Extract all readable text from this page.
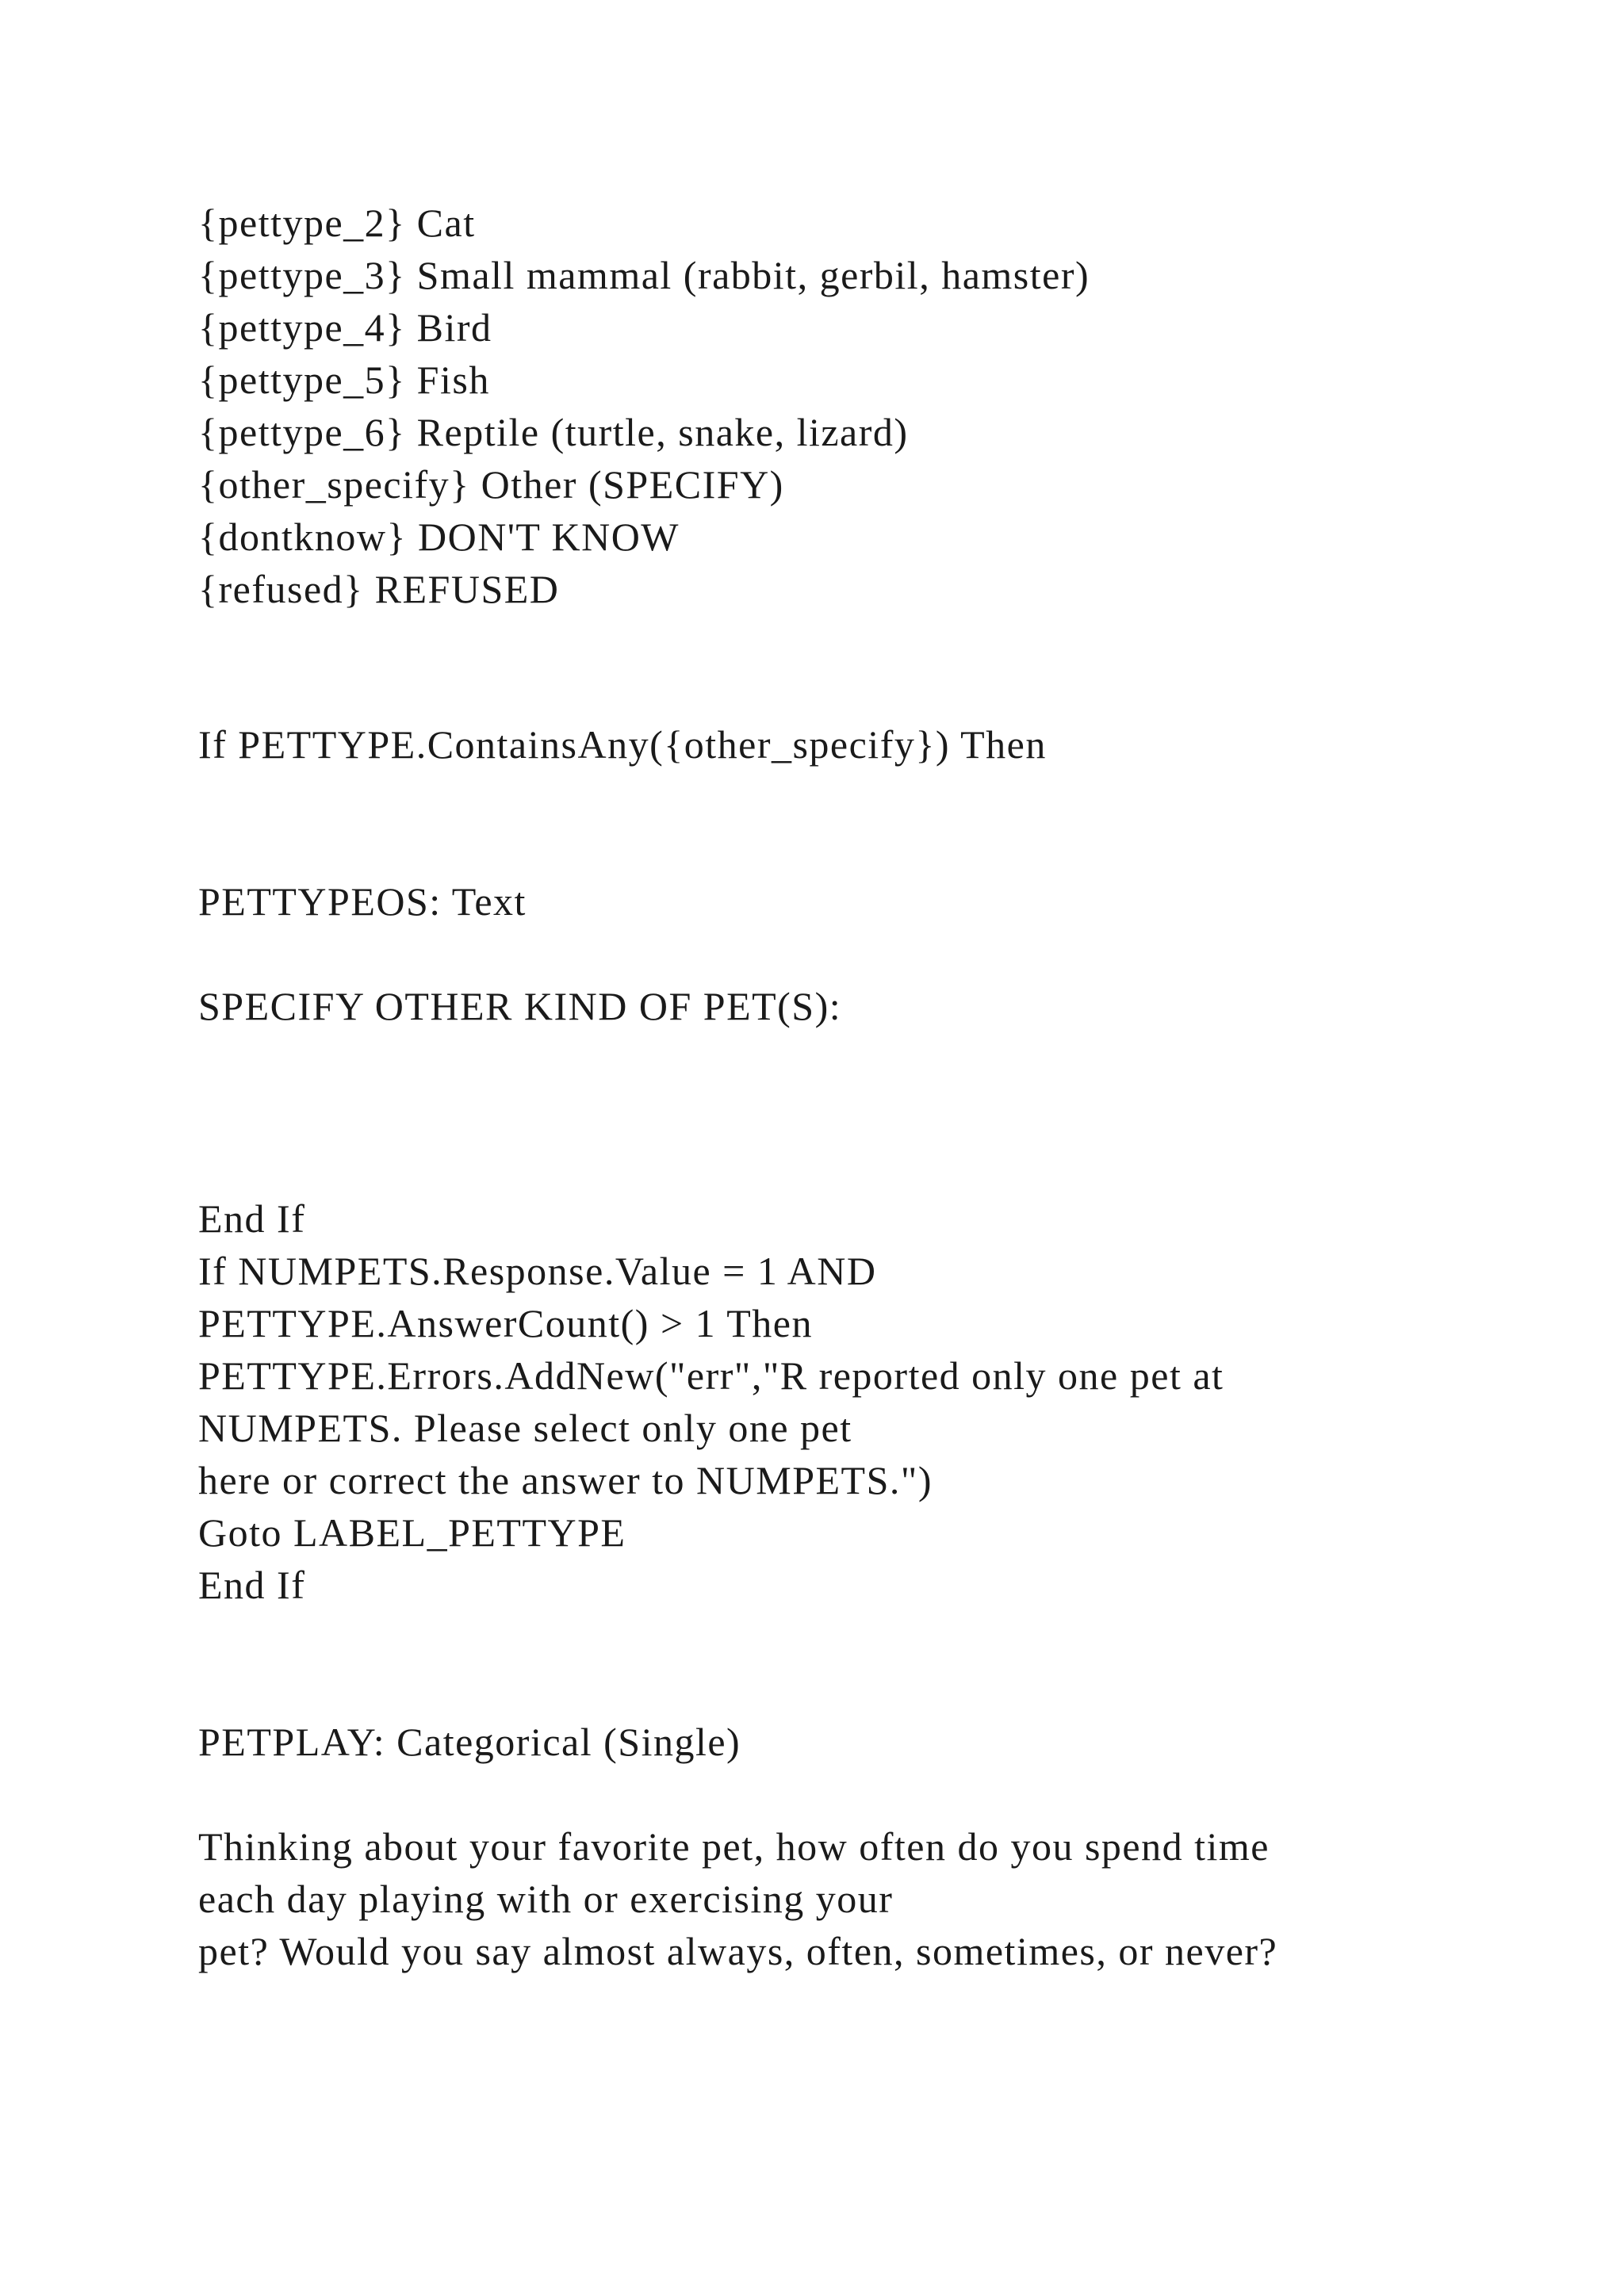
{pettype_2} Cat
{pettype_3} Small mammal (rabbit, gerbil, hamster)
{pettype_4} Bird
{pettype_5} Fish
{pettype_6} Reptile (turtle, snake, lizard)
{other_specify} Other (SPECIFY)
{dontknow} DON'T KNOW
{refused} REFUSED
If PETTYPE.ContainsAny({other_specify}) Then
PETTYPEOS: Text
SPECIFY OTHER KIND OF PET(S):
End If
If NUMPETS.Response.Value = 1 AND
PETTYPE.AnswerCount() > 1 Then
PETTYPE.Errors.AddNew("err","R reported only one pet at
NUMPETS. Please select only one pet
here or correct the answer to NUMPETS.")
Goto LABEL_PETTYPE
End If
PETPLAY: Categorical (Single)
Thinking about your favorite pet, how often do you spend time
each day playing with or exercising your
pet? Would you say almost always, often, sometimes, or never?
